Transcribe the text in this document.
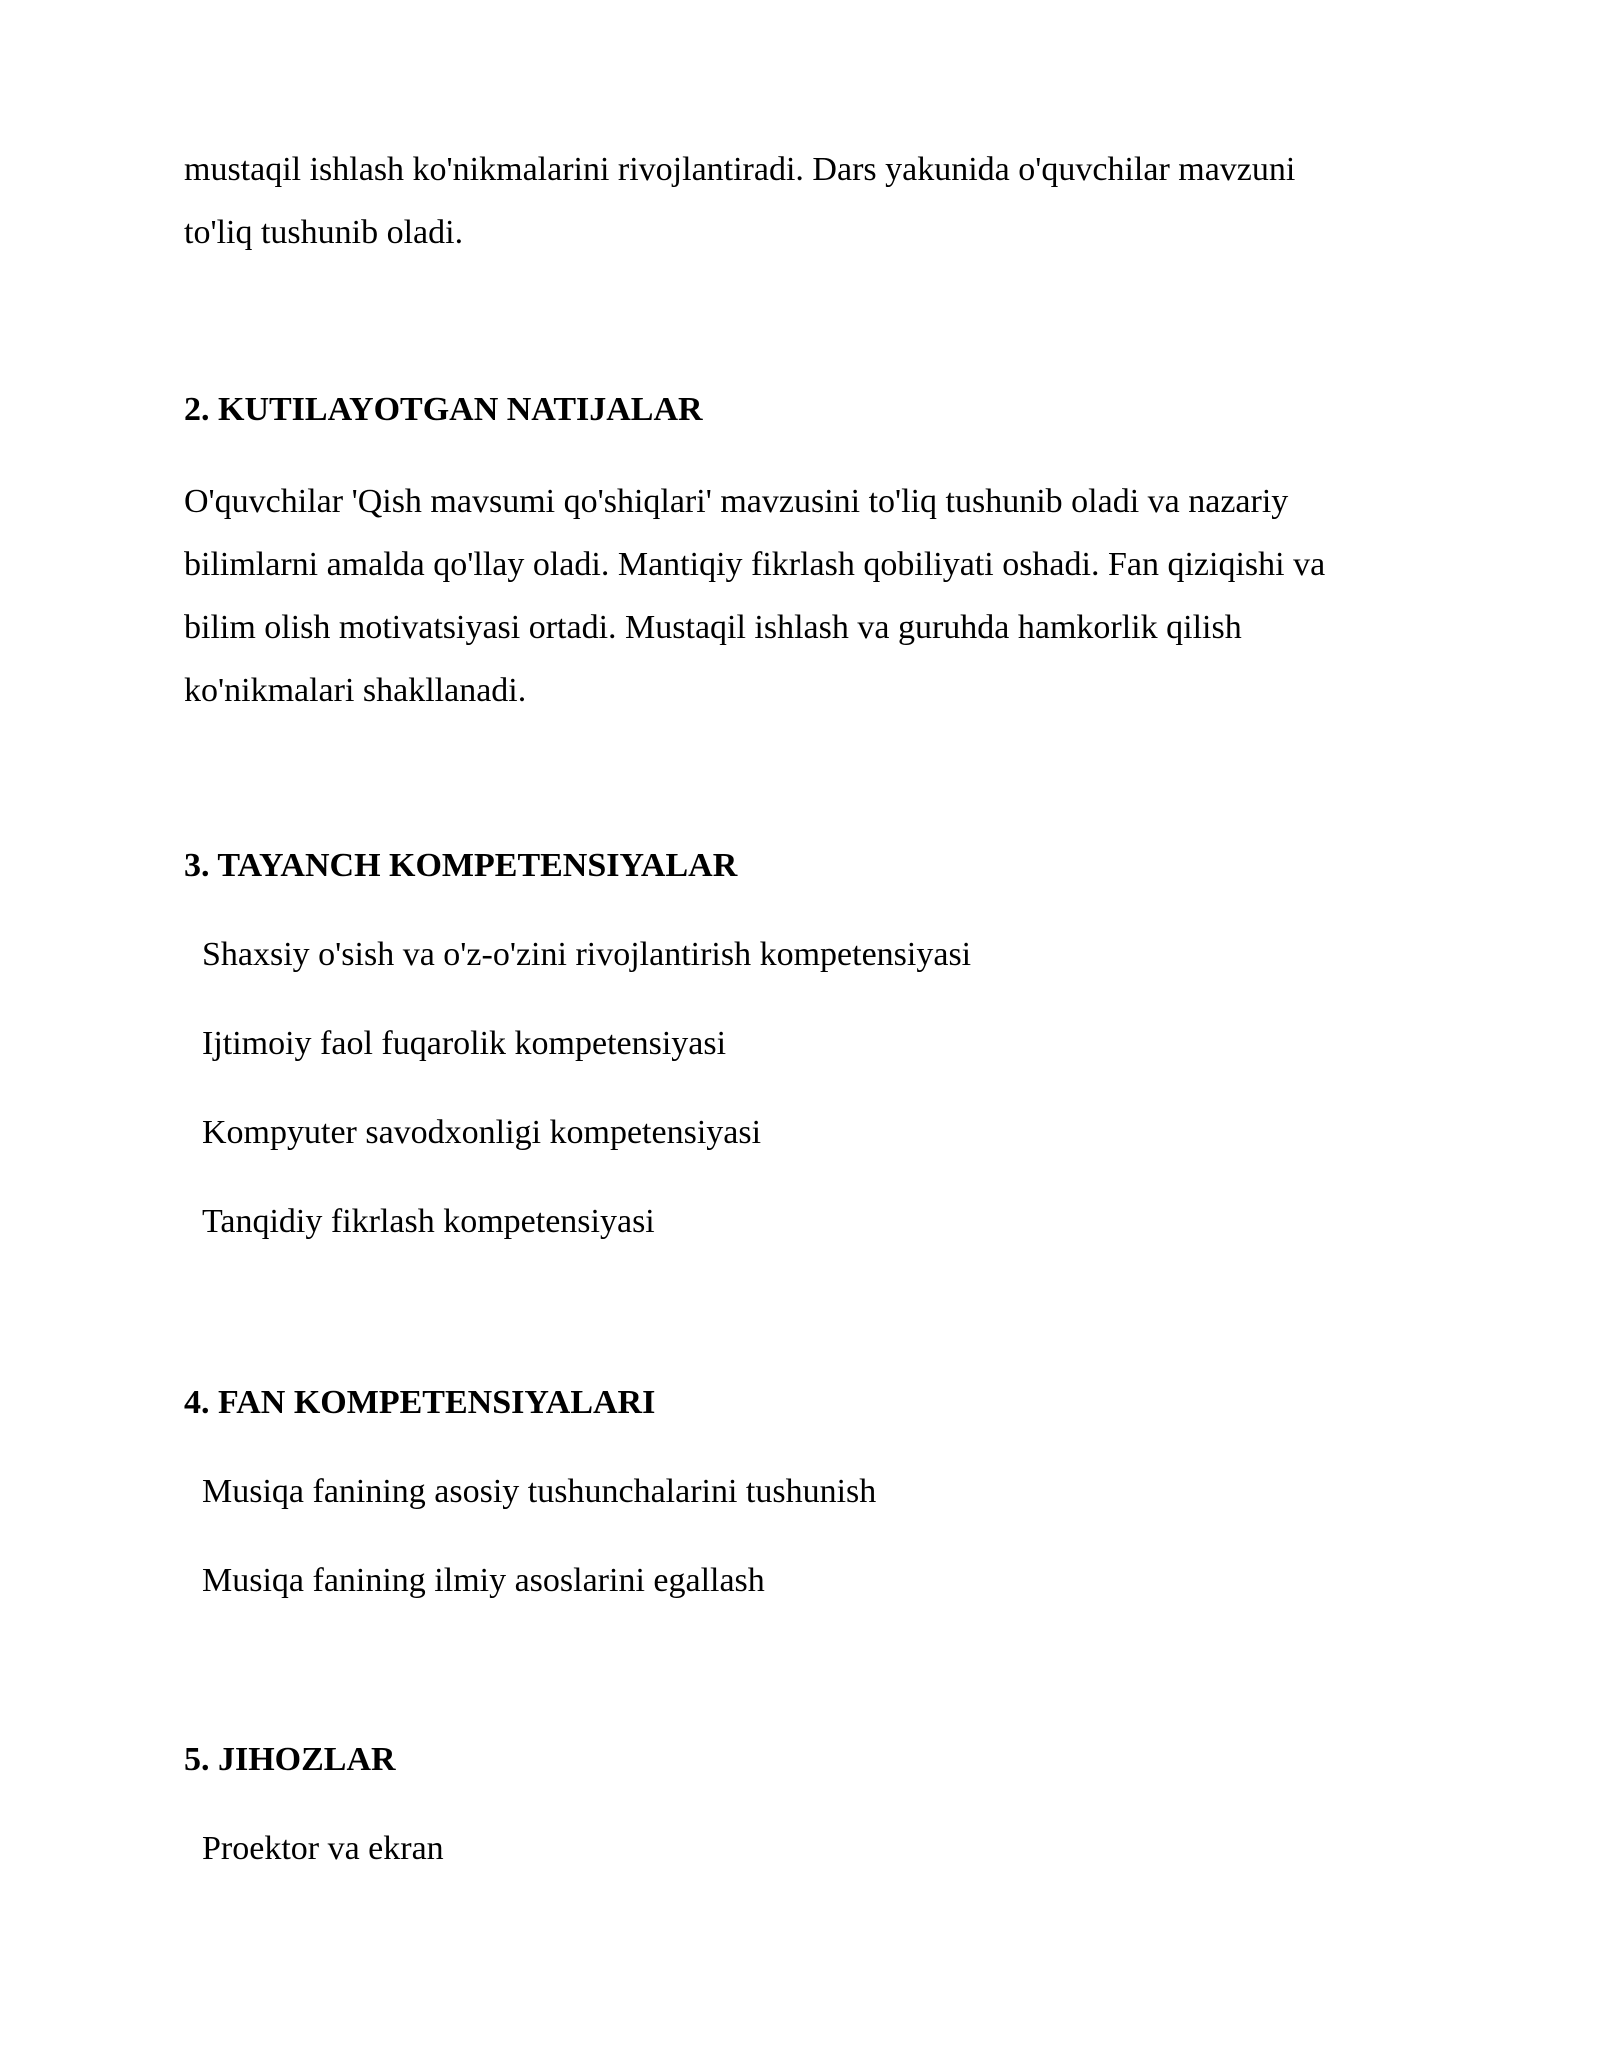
mustaqil ishlash ko'nikmalarini rivojlantiradi. Dars yakunida o'quvchilar mavzuni
to'liq tushunib oladi.
2. KUTILAYOTGAN NATIJALAR
O'quvchilar 'Qish mavsumi qo'shiqlari' mavzusini to'liq tushunib oladi va nazariy
bilimlarni amalda qo'llay oladi. Mantiqiy fikrlash qobiliyati oshadi. Fan qiziqishi va
bilim olish motivatsiyasi ortadi. Mustaqil ishlash va guruhda hamkorlik qilish
ko'nikmalari shakllanadi.
3. TAYANCH KOMPETENSIYALAR
Shaxsiy o'sish va o'z-o'zini rivojlantirish kompetensiyasi
Ijtimoiy faol fuqarolik kompetensiyasi
Kompyuter savodxonligi kompetensiyasi
Tanqidiy fikrlash kompetensiyasi
4. FAN KOMPETENSIYALARI
Musiqa fanining asosiy tushunchalarini tushunish
Musiqa fanining ilmiy asoslarini egallash
5. JIHOZLAR
Proektor va ekran
